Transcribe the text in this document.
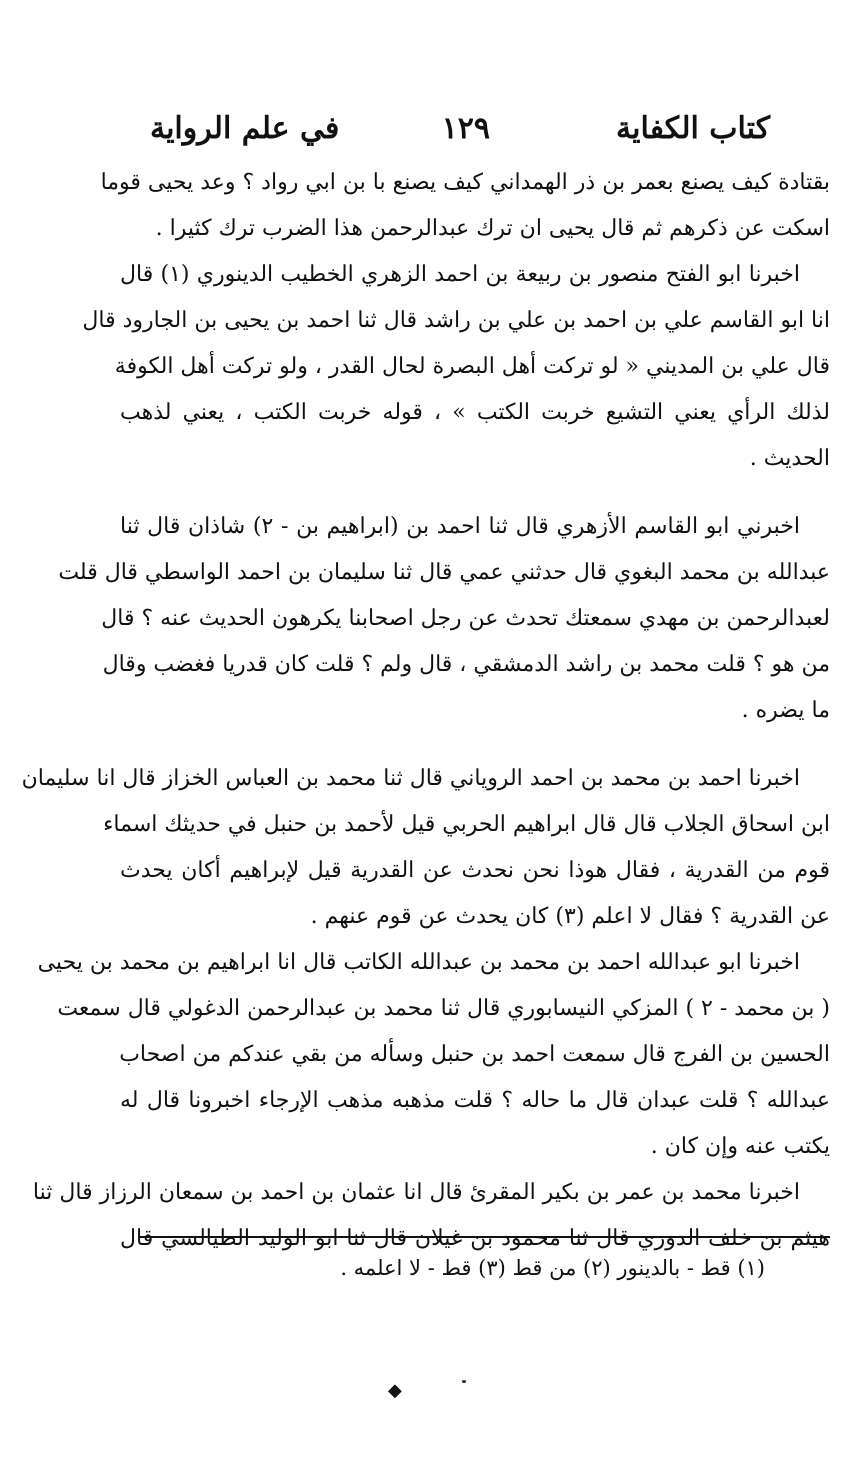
كتاب الكفاية
١٢٩
في علم الرواية
بقتادة كيف يصنع بعمر بن ذر الهمداني كيف يصنع با بن ابي رواد ؟ وعد يحيى قوما
اسكت عن ذكرهم ثم قال يحيى ان ترك عبدالرحمن هذا الضرب ترك كثيرا .
اخبرنا ابو الفتح منصور بن ربيعة بن احمد الزهري الخطيب الدينوري (١) قال
انا ابو القاسم علي بن احمد بن علي بن راشد قال ثنا احمد بن يحيى بن الجارود قال
قال علي بن المديني « لو تركت أهل البصرة لحال القدر ، ولو تركت أهل الكوفة
لذلك الرأي يعني التشيع خربت الكتب » ، قوله خربت الكتب ، يعني لذهب
الحديث .
اخبرني ابو القاسم الأزهري قال ثنا احمد بن (ابراهيم بن - ٢) شاذان قال ثنا
عبدالله بن محمد البغوي قال حدثني عمي قال ثنا سليمان بن احمد الواسطي قال قلت
لعبدالرحمن بن مهدي سمعتك تحدث عن رجل اصحابنا يكرهون الحديث عنه ؟ قال
من هو ؟ قلت محمد بن راشد الدمشقي ، قال ولم ؟ قلت كان قدريا فغضب وقال
ما يضره .
اخبرنا احمد بن محمد بن احمد الروياني قال ثنا محمد بن العباس الخزاز قال انا سليمان
ابن اسحاق الجلاب قال قال ابراهيم الحربي قيل لأحمد بن حنبل في حديثك اسماء
قوم من القدرية ، فقال هوذا نحن نحدث عن القدرية قيل لإبراهيم أكان يحدث
عن القدرية ؟ فقال لا اعلم (٣) كان يحدث عن قوم عنهم .
اخبرنا ابو عبدالله احمد بن محمد بن عبدالله الكاتب قال انا ابراهيم بن محمد بن يحيى
( بن محمد - ٢ ) المزكي النيسابوري قال ثنا محمد بن عبدالرحمن الدغولي قال سمعت
الحسين بن الفرج قال سمعت احمد بن حنبل وسأله من بقي عندكم من اصحاب
عبدالله ؟ قلت عبدان قال ما حاله ؟ قلت مذهبه مذهب الإرجاء اخبرونا قال له
يكتب عنه وإن كان .
اخبرنا محمد بن عمر بن بكير المقرئ قال انا عثمان بن احمد بن سمعان الرزاز قال ثنا
هيثم بن خلف الدوري قال ثنا محمود بن غيلان قال ثنا ابو الوليد الطيالسي قال
(١) قط - بالدينور (٢) من قط (٣) قط - لا اعلمه .
◆
